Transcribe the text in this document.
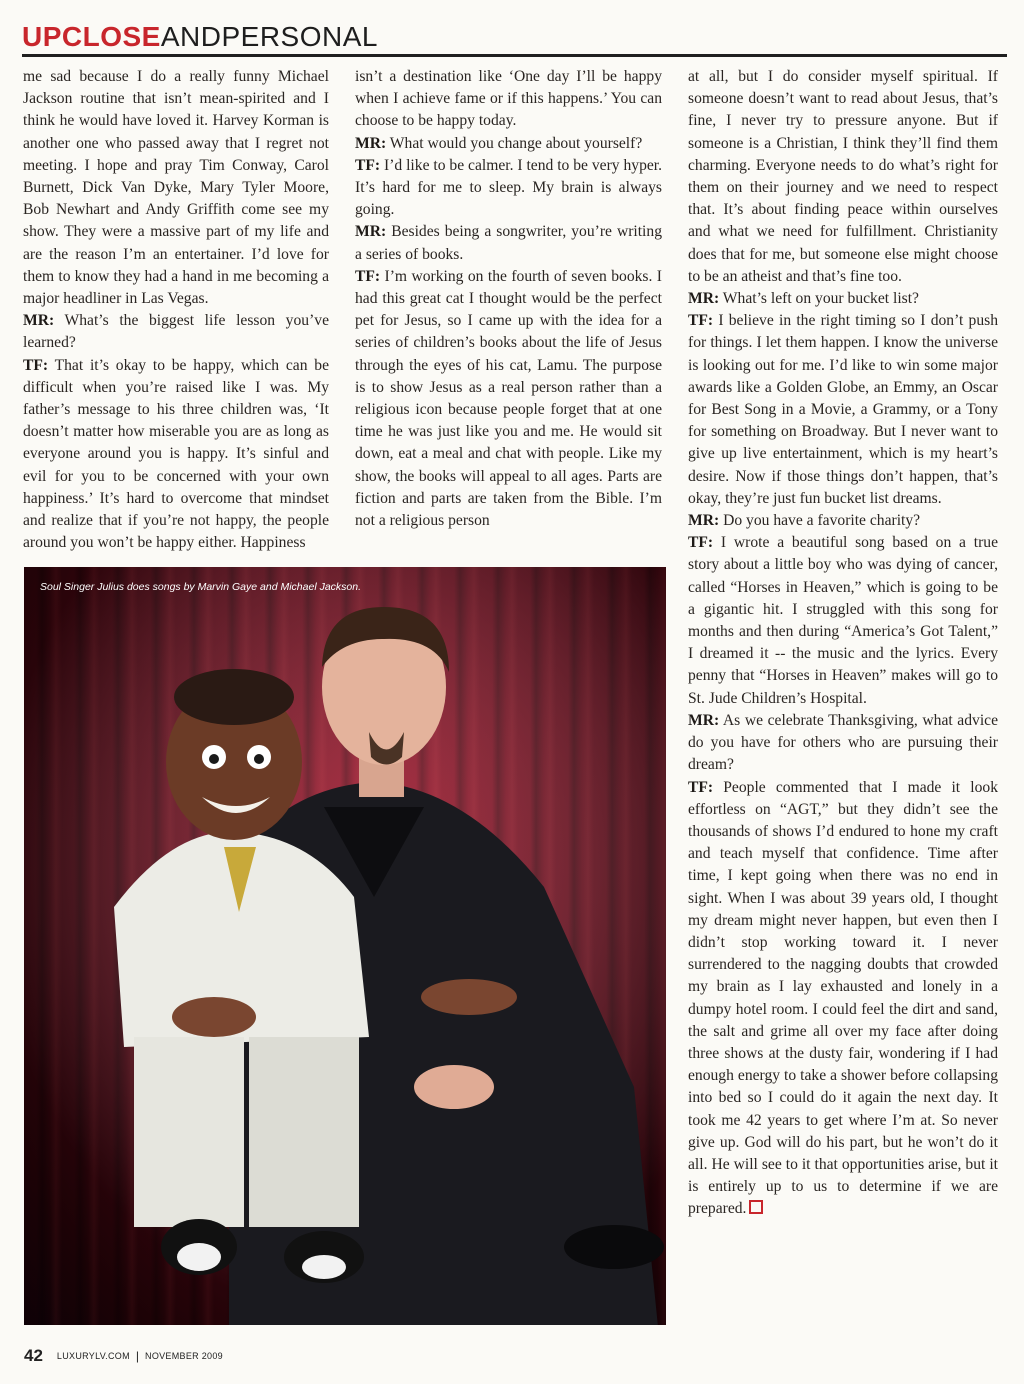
UPCLOSEANDPERSONAL

me sad because I do a really funny Michael Jackson routine that isn’t mean-spirited and I think he would have loved it. Harvey Korman is another one who passed away that I regret not meeting. I hope and pray Tim Conway, Carol Burnett, Dick Van Dyke, Mary Tyler Moore, Bob Newhart and Andy Griffith come see my show. They were a massive part of my life and are the reason I’m an entertainer. I’d love for them to know they had a hand in me becoming a major headliner in Las Vegas.

MR: What’s the biggest life lesson you’ve learned?

TF: That it’s okay to be happy, which can be difficult when you’re raised like I was. My father’s message to his three children was, ‘It doesn’t matter how miserable you are as long as everyone around you is happy. It’s sinful and evil for you to be concerned with your own happiness.’ It’s hard to overcome that mindset and realize that if you’re not happy, the people around you won’t be happy either. Happiness

isn’t a destination like ‘One day I’ll be happy when I achieve fame or if this happens.’ You can choose to be happy today.

MR: What would you change about yourself?

TF: I’d like to be calmer. I tend to be very hyper. It’s hard for me to sleep. My brain is always going.

MR: Besides being a songwriter, you’re writing a series of books.

TF: I’m working on the fourth of seven books. I had this great cat I thought would be the perfect pet for Jesus, so I came up with the idea for a series of children’s books about the life of Jesus through the eyes of his cat, Lamu. The purpose is to show Jesus as a real person rather than a religious icon because people forget that at one time he was just like you and me. He would sit down, eat a meal and chat with people. Like my show, the books will appeal to all ages. Parts are fiction and parts are taken from the Bible. I’m not a religious person

at all, but I do consider myself spiritual. If someone doesn’t want to read about Jesus, that’s fine, I never try to pressure anyone. But if someone is a Christian, I think they’ll find them charming. Everyone needs to do what’s right for them on their journey and we need to respect that. It’s about finding peace within ourselves and what we need for fulfillment. Christianity does that for me, but someone else might choose to be an atheist and that’s fine too.

MR: What’s left on your bucket list?

TF: I believe in the right timing so I don’t push for things. I let them happen. I know the universe is looking out for me. I’d like to win some major awards like a Golden Globe, an Emmy, an Oscar for Best Song in a Movie, a Grammy, or a Tony for something on Broadway. But I never want to give up live entertainment, which is my heart’s desire. Now if those things don’t happen, that’s okay, they’re just fun bucket list dreams.

MR: Do you have a favorite charity?

TF: I wrote a beautiful song based on a true story about a little boy who was dying of cancer, called “Horses in Heaven,” which is going to be a gigantic hit. I struggled with this song for months and then during “America’s Got Talent,” I dreamed it -- the music and the lyrics. Every penny that “Horses in Heaven” makes will go to St. Jude Children’s Hospital.

MR: As we celebrate Thanksgiving, what advice do you have for others who are pursuing their dream?

TF: People commented that I made it look effortless on “AGT,” but they didn’t see the thousands of shows I’d endured to hone my craft and teach myself that confidence. Time after time, I kept going when there was no end in sight. When I was about 39 years old, I thought my dream might never happen, but even then I didn’t stop working toward it. I never surrendered to the nagging doubts that crowded my brain as I lay exhausted and lonely in a dumpy hotel room. I could feel the dirt and sand, the salt and grime all over my face after doing three shows at the dusty fair, wondering if I had enough energy to take a shower before collapsing into bed so I could do it again the next day. It took me 42 years to get where I’m at. So never give up. God will do his part, but he won’t do it all. He will see to it that opportunities arise, but it is entirely up to us to determine if we are prepared.

Soul Singer Julius does songs by Marvin Gaye and Michael Jackson.
42 LUXURYLV.COM | NOVEMBER 2009
